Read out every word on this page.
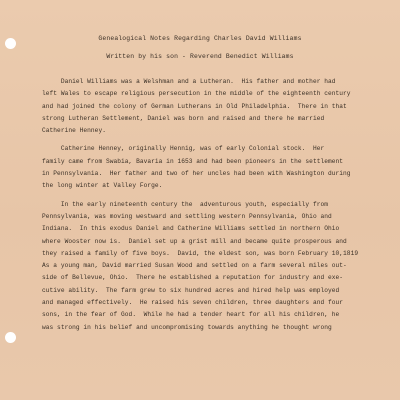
Genealogical Notes Regarding Charles David Williams
Written by his son - Reverend Benedict Williams
Daniel Williams was a Welshman and a Lutheran.  His father and mother had
left Wales to escape religious persecution in the middle of the eighteenth century
and had joined the colony of German Lutherans in Old Philadelphia.  There in that
strong Lutheran Settlement, Daniel was born and raised and there he married
Catherine Henney.
Catherine Henney, originally Hennig, was of early Colonial stock.  Her
family came from Swabia, Bavaria in 1653 and had been pioneers in the settlement
in Pennsylvania.  Her father and two of her uncles had been with Washington during
the long winter at Valley Forge.
In the early nineteenth century the  adventurous youth, especially from
Pennsylvania, was moving westward and settling western Pennsylvania, Ohio and
Indiana.  In this exodus Daniel and Catherine Williams settled in northern Ohio
where Wooster now is.  Daniel set up a grist mill and became quite prosperous and
they raised a family of five boys.  David, the eldest son, was born February 10,1819
As a young man, David married Susan Wood and settled on a farm several miles out-
side of Bellevue, Ohio.  There he established a reputation for industry and exe-
cutive ability.  The farm grew to six hundred acres and hired help was employed
and managed effectively.  He raised his seven children, three daughters and four
sons, in the fear of God.  While he had a tender heart for all his children, he
was strong in his belief and uncompromising towards anything he thought wrong
